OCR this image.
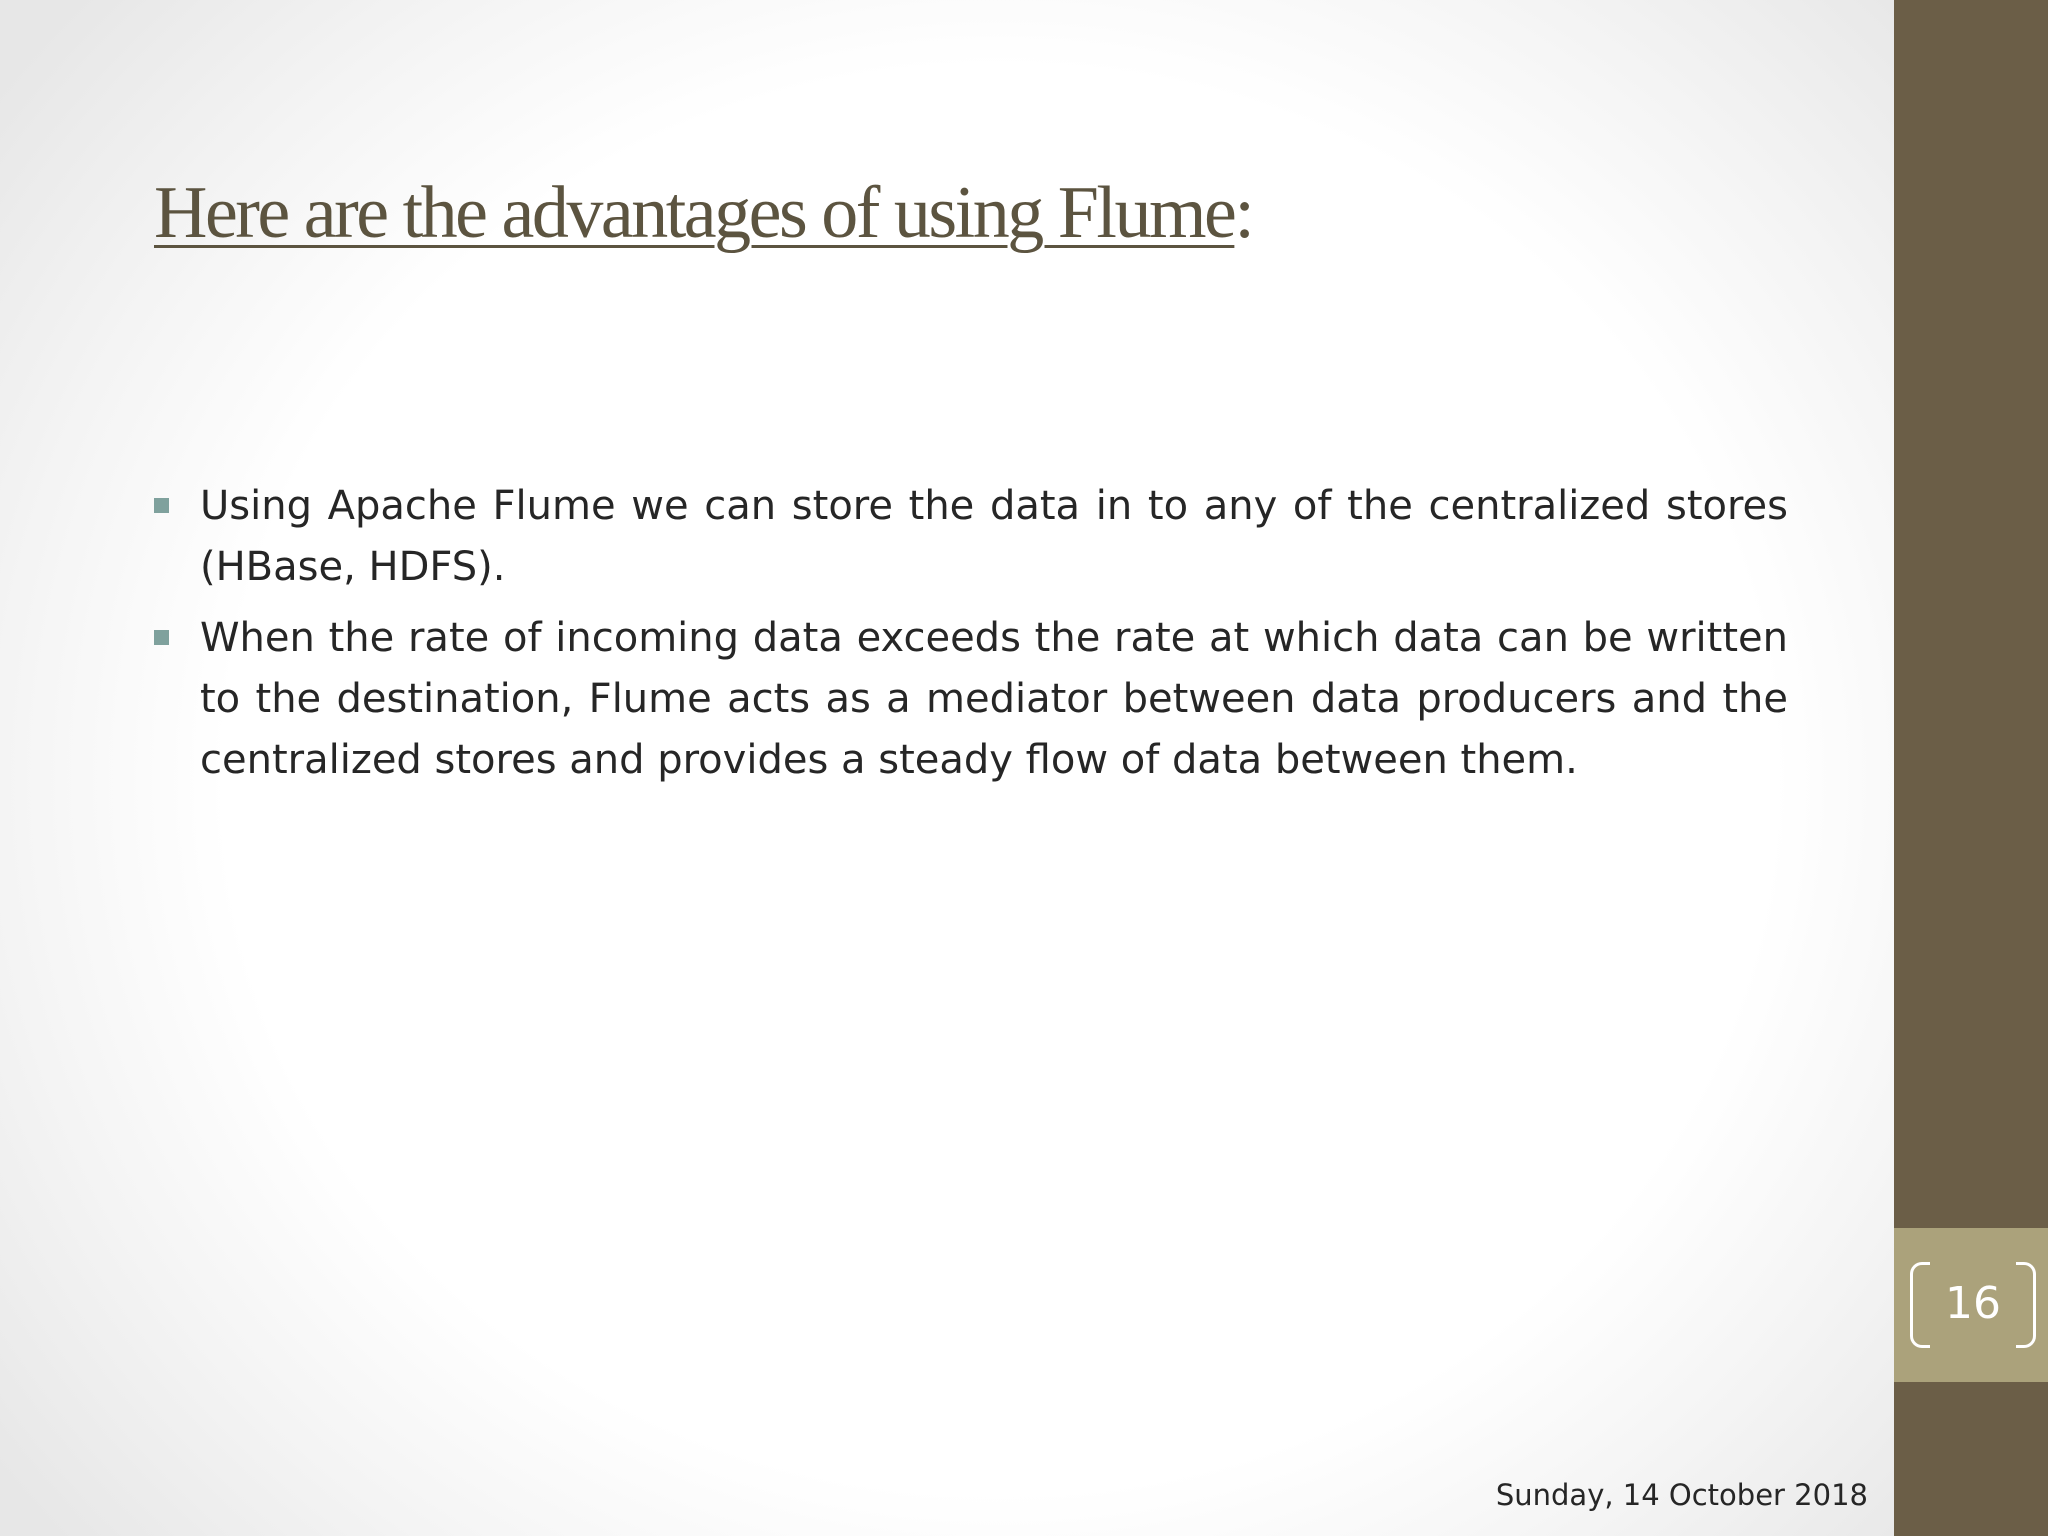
Here are the advantages of using Flume:
Using Apache Flume we can store the data in to any of the centralized stores (HBase, HDFS).
When the rate of incoming data exceeds the rate at which data can be written to the destination, Flume acts as a mediator between data producers and the centralized stores and provides a steady flow of data between them.
16
Sunday, 14 October 2018
